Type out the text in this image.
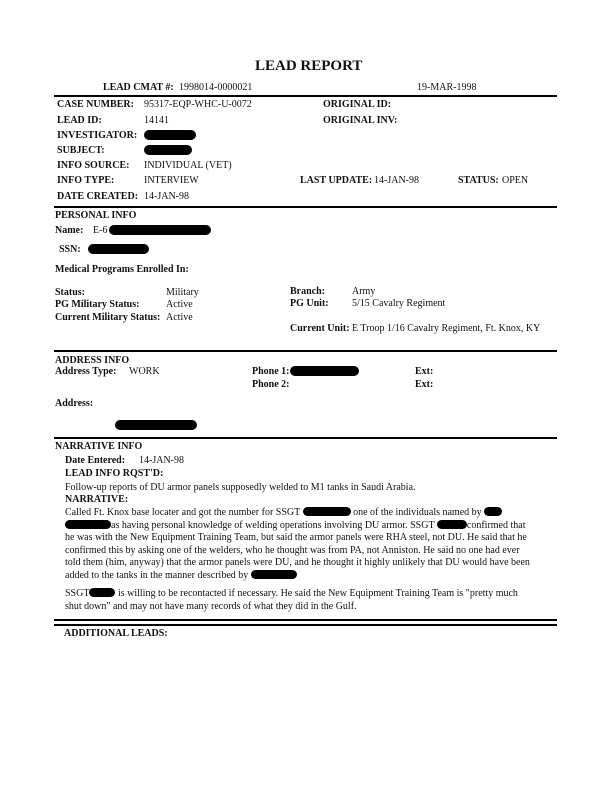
LEAD REPORT
LEAD CMAT #: 1998014-0000021	19-MAR-1998
CASE NUMBER: 95317-EQP-WHC-U-0072	ORIGINAL ID:
LEAD ID:	14141	ORIGINAL INV:
INVESTIGATOR:
SUBJECT:
INFO SOURCE: INDIVIDUAL (VET)
INFO TYPE:	INTERVIEW	LAST UPDATE: 14-JAN-98	STATUS: OPEN
DATE CREATED: 14-JAN-98
PERSONAL INFO
Name: E-6
SSN:
Medical Programs Enrolled In:
Status:	Military	Branch:	Army
PG Military Status:	Active	PG Unit: 5/15 Cavalry Regiment
Current Military Status: Active
Current Unit: E Troop 1/16 Cavalry Regiment, Ft. Knox, KY
ADDRESS INFO
Address Type: WORK	Phone 1:	Ext:
Phone 2:	Ext:
Address:
NARRATIVE INFO
Date Entered: 14-JAN-98
LEAD INFO RQST'D:
Follow-up reports of DU armor panels supposedly welded to M1 tanks in Saudi Arabia.
NARRATIVE:
Called Ft. Knox base locater and got the number for SSGT	one of the individuals named by  as having personal knowledge of welding operations involving DU armor. SSGT	confirmed that he was with the New Equipment Training Team, but said the armor panels were RHA steel, not DU. He said that he confirmed this by asking one of the welders, who he thought was from PA, not Anniston. He said no one had ever told them (him, anyway) that the armor panels were DU, and he thought it highly unlikely that DU would have been added to the tanks in the manner described by
SSGT	is willing to be recontacted if necessary. He said the New Equipment Training Team is "pretty much shut down" and may not have many records of what they did in the Gulf.
ADDITIONAL LEADS:
